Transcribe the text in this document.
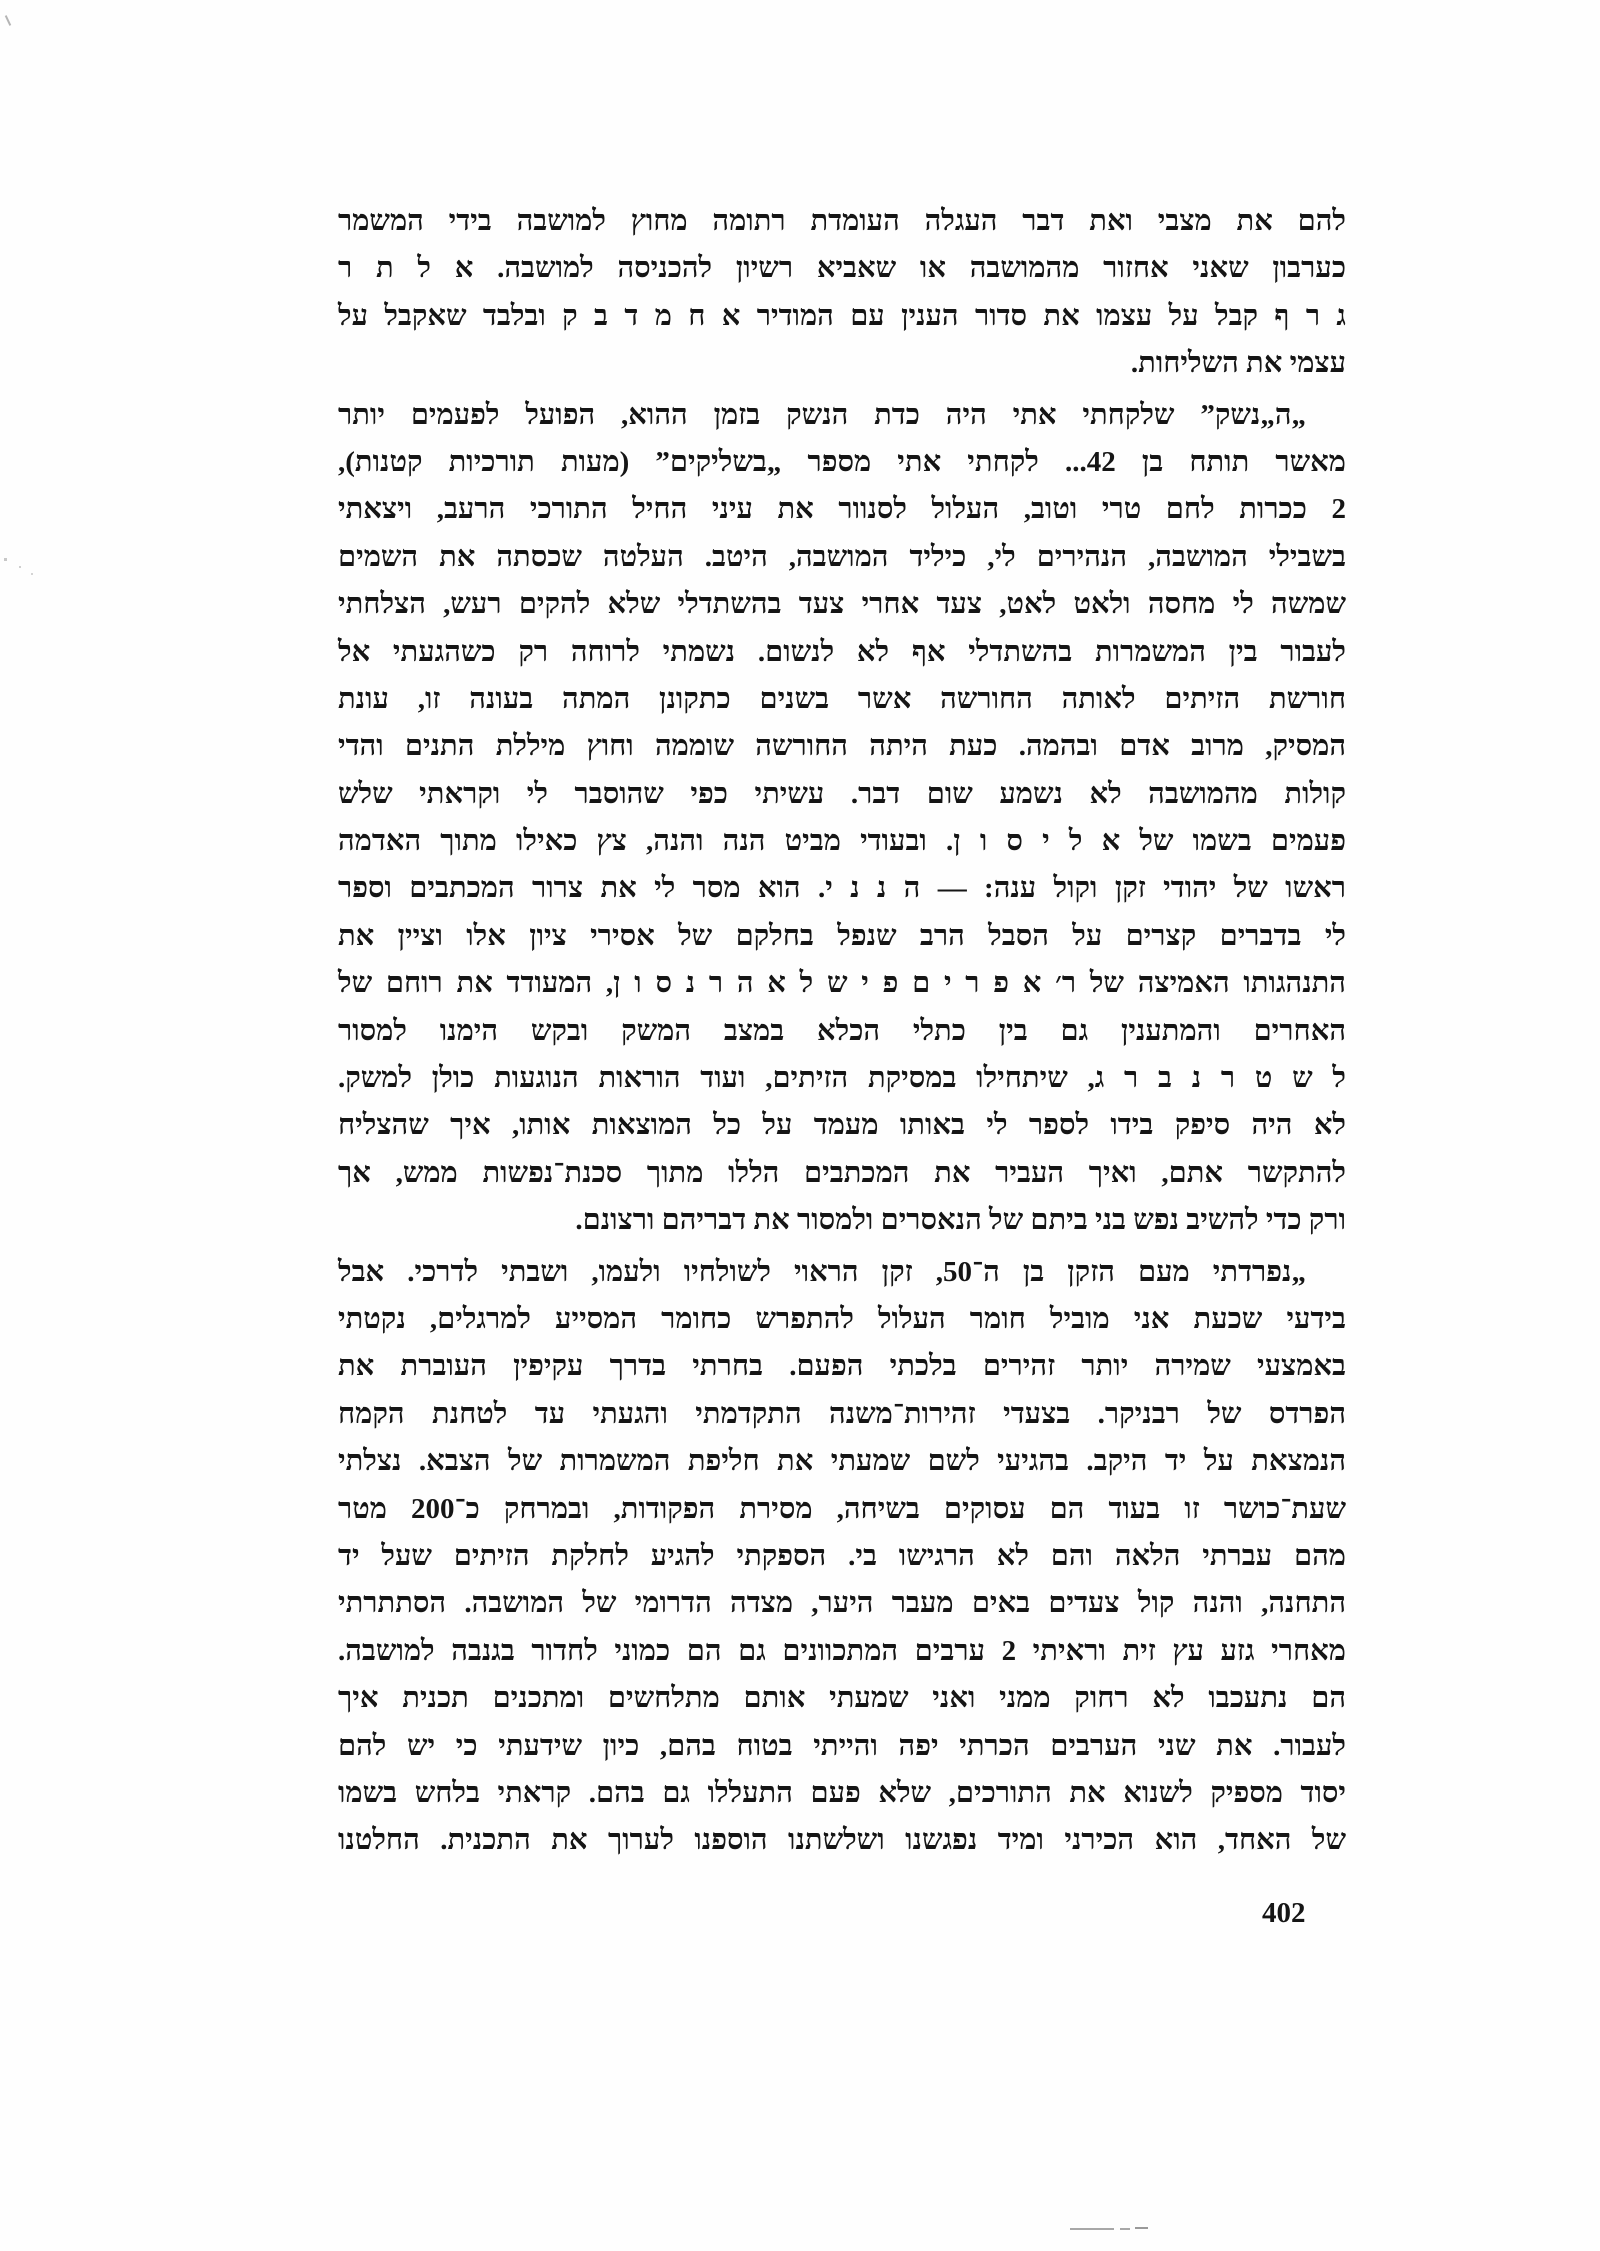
להם את מצבי ואת דבר העגלה העומדת רתומה מחוץ למושבה בידי המשמר
כערבון שאני אחזור מהמושבה או שאביא רשיון להכניסה למושבה. א ל ת ר
ג ר ף קבל על עצמו את סדור הענין עם המודיר א ח מ ד ב ק ובלבד שאקבל על
עצמי את השליחות.
„ה„נשק” שלקחתי אתי היה כדת הנשק בזמן ההוא, הפועל לפעמים יותר
מאשר תותח בן 42... לקחתי אתי מספר „בשליקים” (מעות תורכיות קטנות),
2 ככרות לחם טרי וטוב, העלול לסנוור את עיני החיל התורכי הרעב, ויצאתי
בשבילי המושבה, הנהירים לי, כיליד המושבה, היטב. העלטה שכסתה את השמים
שמשה לי מחסה ולאט לאט, צעד אחרי צעד בהשתדלי שלא להקים רעש, הצלחתי
לעבור בין המשמרות בהשתדלי אף לא לנשום. נשמתי לרוחה רק כשהגעתי אל
חורשת הזיתים לאותה החורשה אשר בשנים כתקונן המתה בעונה זו, עונת
המסיק, מרוב אדם ובהמה. כעת היתה החורשה שוממה וחוץ מיללת התנים והדי
קולות מהמושבה לא נשמע שום דבר. עשיתי כפי שהוסבר לי וקראתי שלש
פעמים בשמו של א ל י ס ו ן. ובעודי מביט הנה והנה, צץ כאילו מתוך האדמה
ראשו של יהודי זקן וקול ענה: — ה נ נ י. הוא מסר לי את צרור המכתבים וספר
לי בדברים קצרים על הסבל הרב שנפל בחלקם של אסירי ציון אלו וציין את
התנהגותו האמיצה של ר׳ א פ ר י ם פ י ש ל א ה ר נ ס ו ן, המעודד את רוחם של
האחרים והמתענין גם בין כתלי הכלא במצב המשק ובקש הימנו למסור
ל ש ט ר נ ב ר ג, שיתחילו במסיקת הזיתים, ועוד הוראות הנוגעות כולן למשק.
לא היה סיפק בידו לספר לי באותו מעמד על כל המוצאות אותו, איך שהצליח
להתקשר אתם, ואיך העביר את המכתבים הללו מתוך סכנת־נפשות ממש, אך
ורק כדי להשיב נפש בני ביתם של הנאסרים ולמסור את דבריהם ורצונם.
„נפרדתי מעם הזקן בן ה־50, זקן הראוי לשולחיו ולעמו, ושבתי לדרכי. אבל
בידעי שכעת אני מוביל חומר העלול להתפרש כחומר המסייע למרגלים, נקטתי
באמצעי שמירה יותר זהירים בלכתי הפעם. בחרתי בדרך עקיפין העוברת את
הפרדס של רבניקר. בצעדי זהירות־משנה התקדמתי והגעתי עד לטחנת הקמח
הנמצאת על יד היקב. בהגיעי לשם שמעתי את חליפת המשמרות של הצבא. נצלתי
שעת־כושר זו בעוד הם עסוקים בשיחה, מסירת הפקודות, ובמרחק כ־200 מטר
מהם עברתי הלאה והם לא הרגישו בי. הספקתי להגיע לחלקת הזיתים שעל יד
התחנה, והנה קול צעדים באים מעבר היער, מצדה הדרומי של המושבה. הסתתרתי
מאחרי גזע עץ זית וראיתי 2 ערבים המתכוונים גם הם כמוני לחדור בגנבה למושבה.
הם נתעכבו לא רחוק ממני ואני שמעתי אותם מתלחשים ומתכנים תכנית איך
לעבור. את שני הערבים הכרתי יפה והייתי בטוח בהם, כיון שידעתי כי יש להם
יסוד מספיק לשנוא את התורכים, שלא פעם התעללו גם בהם. קראתי בלחש בשמו
של האחד, הוא הכירני ומיד נפגשנו ושלשתנו הוספנו לערוך את התכנית. החלטנו
402
